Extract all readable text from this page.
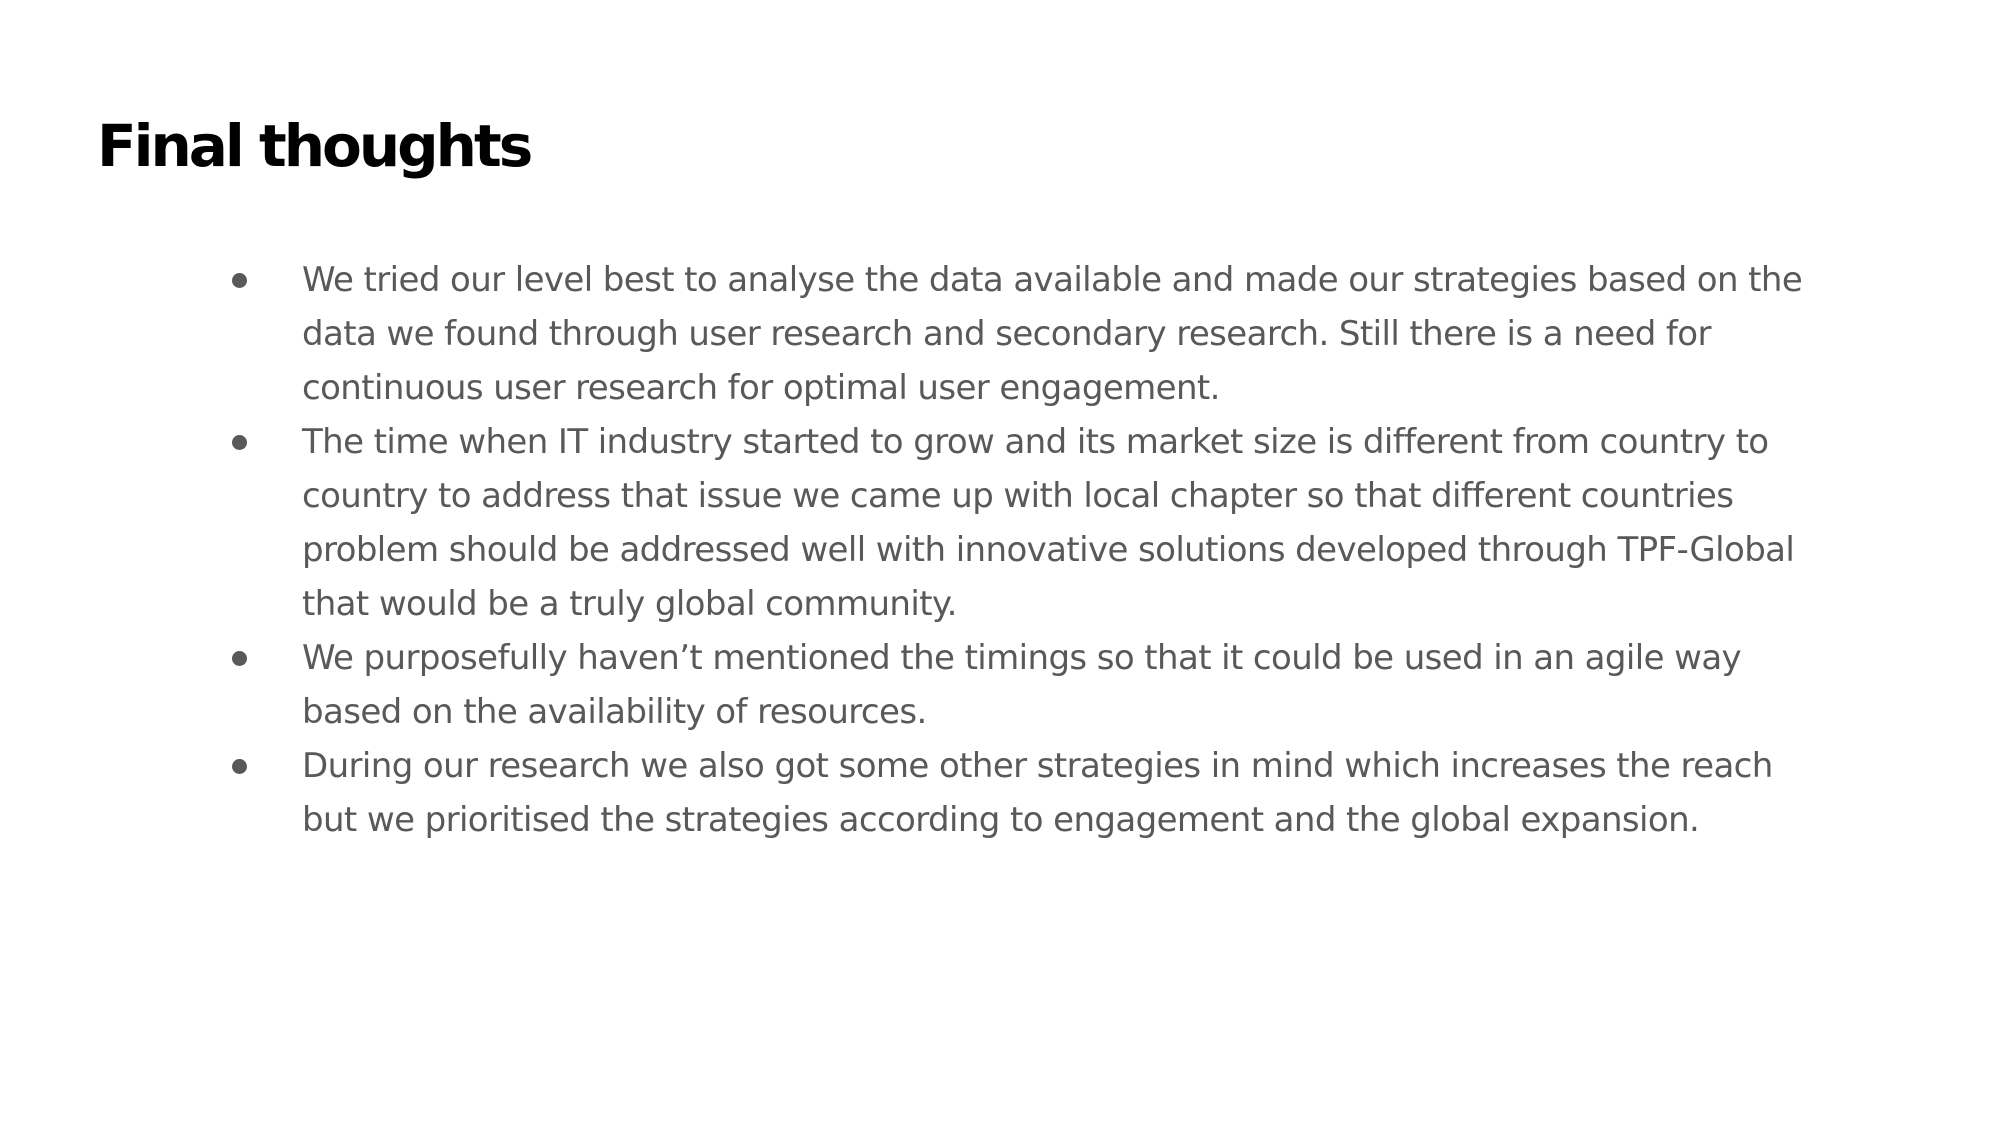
Final thoughts
We tried our level best to analyse the data available and made our strategies based on the data we found through user research and secondary research. Still there is a need for continuous user research for optimal user engagement.
The time when IT industry started to grow and its market size is different from country to country to address that issue we came up with local chapter so that different countries problem should be addressed well with innovative solutions developed through TPF-Global that would be a truly global community.
We purposefully haven’t mentioned the timings so that it could be used in an agile way based on the availability of resources.
During our research we also got some other strategies in mind which increases the reach but we prioritised the strategies according to engagement and the global expansion.
